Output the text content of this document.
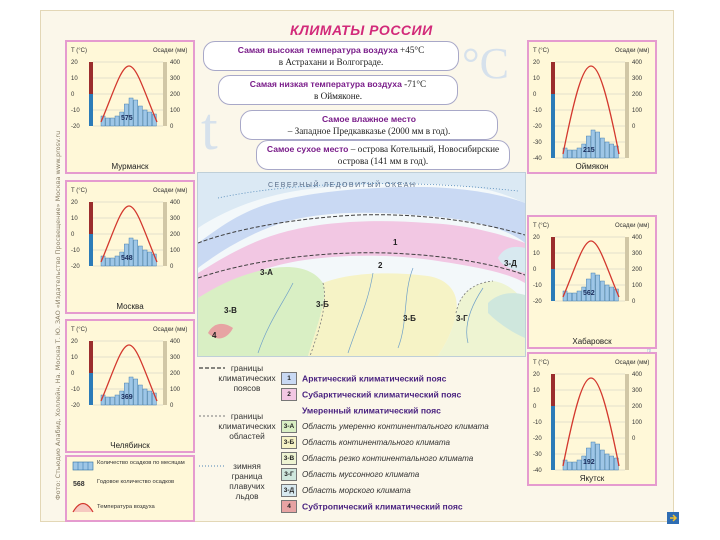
Фото: Стьюдио Алабид, Холлейн, На. Москва Т. Ю. ЗАО «Издательство Просвещение» Москва www.prosv.ru
КЛИМАТЫ РОССИИ
t
°C
Самая высокая температура воздуха +45°С
в Астрахани и Волгограде.
Самая низкая температура воздуха -71°С
в Оймяконе.
Самое влажное место
– Западное Предкавказье (2000 мм в год).
Самое сухое место – острова Котельный, Новосибирские острова (141 мм в год).
T (°C)	Осадки (мм)
20
10
0
-10
-20
400
300
200
100
0
575
Мурманск
T (°C)	Осадки (мм)
20
10
0
-10
-20
400
300
200
100
0
548
Москва
T (°C)	Осадки (мм)
20
10
0
-10
-20
400
300
200
100
0
369
Челябинск
T (°C)	Осадки (мм)
20
10
0
-10
-20
-30
-40
400
300
200
100
0
215
Оймякон
T (°C)	Осадки (мм)
20
10
0
-10
-20
400
300
200
100
0
562
Хабаровск
T (°C)	Осадки (мм)
20
10
0
-10
-20
-30
-40
400
300
200
100
0
192
Якутск
Количество осадков по месяцам
568 Годовое количество осадков
Температура воздуха
СЕВЕРНЫЙ ЛЕДОВИТЫЙ ОКЕАН
1
2
3-А
3-Б
3-В
3-Б	3-Г
3-Д
4
границы климатических поясов
границы климатических областей
зимняя граница плавучих льдов
1 Арктический климатический пояс
2 Субарктический климатический пояс
Умеренный климатический пояс
3-А Область умеренно континентального климата
3-Б Область континентального климата
3-В Область резко континентального климата
3-Г Область муссонного климата
3-Д Область морского климата
4 Субтропический климатический пояс
